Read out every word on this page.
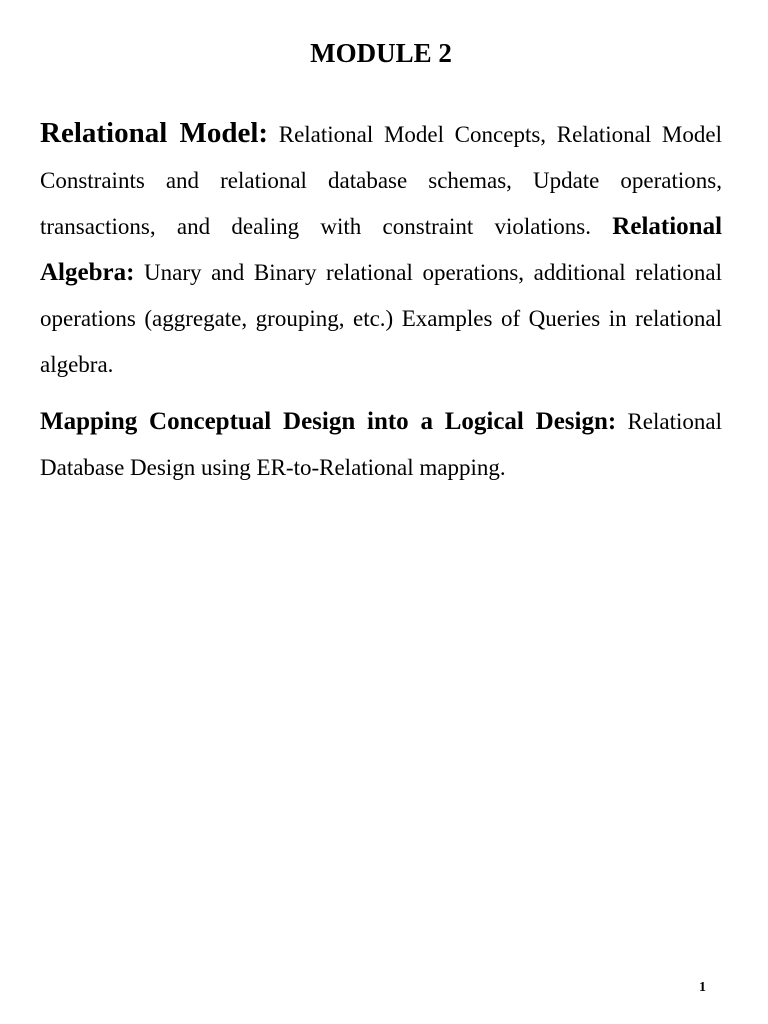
MODULE 2

Relational Model: Relational Model Concepts, Relational Model Constraints and relational database schemas, Update operations, transactions, and dealing with constraint violations. Relational Algebra: Unary and Binary relational operations, additional relational operations (aggregate, grouping, etc.) Examples of Queries in relational algebra.

Mapping Conceptual Design into a Logical Design: Relational Database Design using ER-to-Relational mapping.

1
